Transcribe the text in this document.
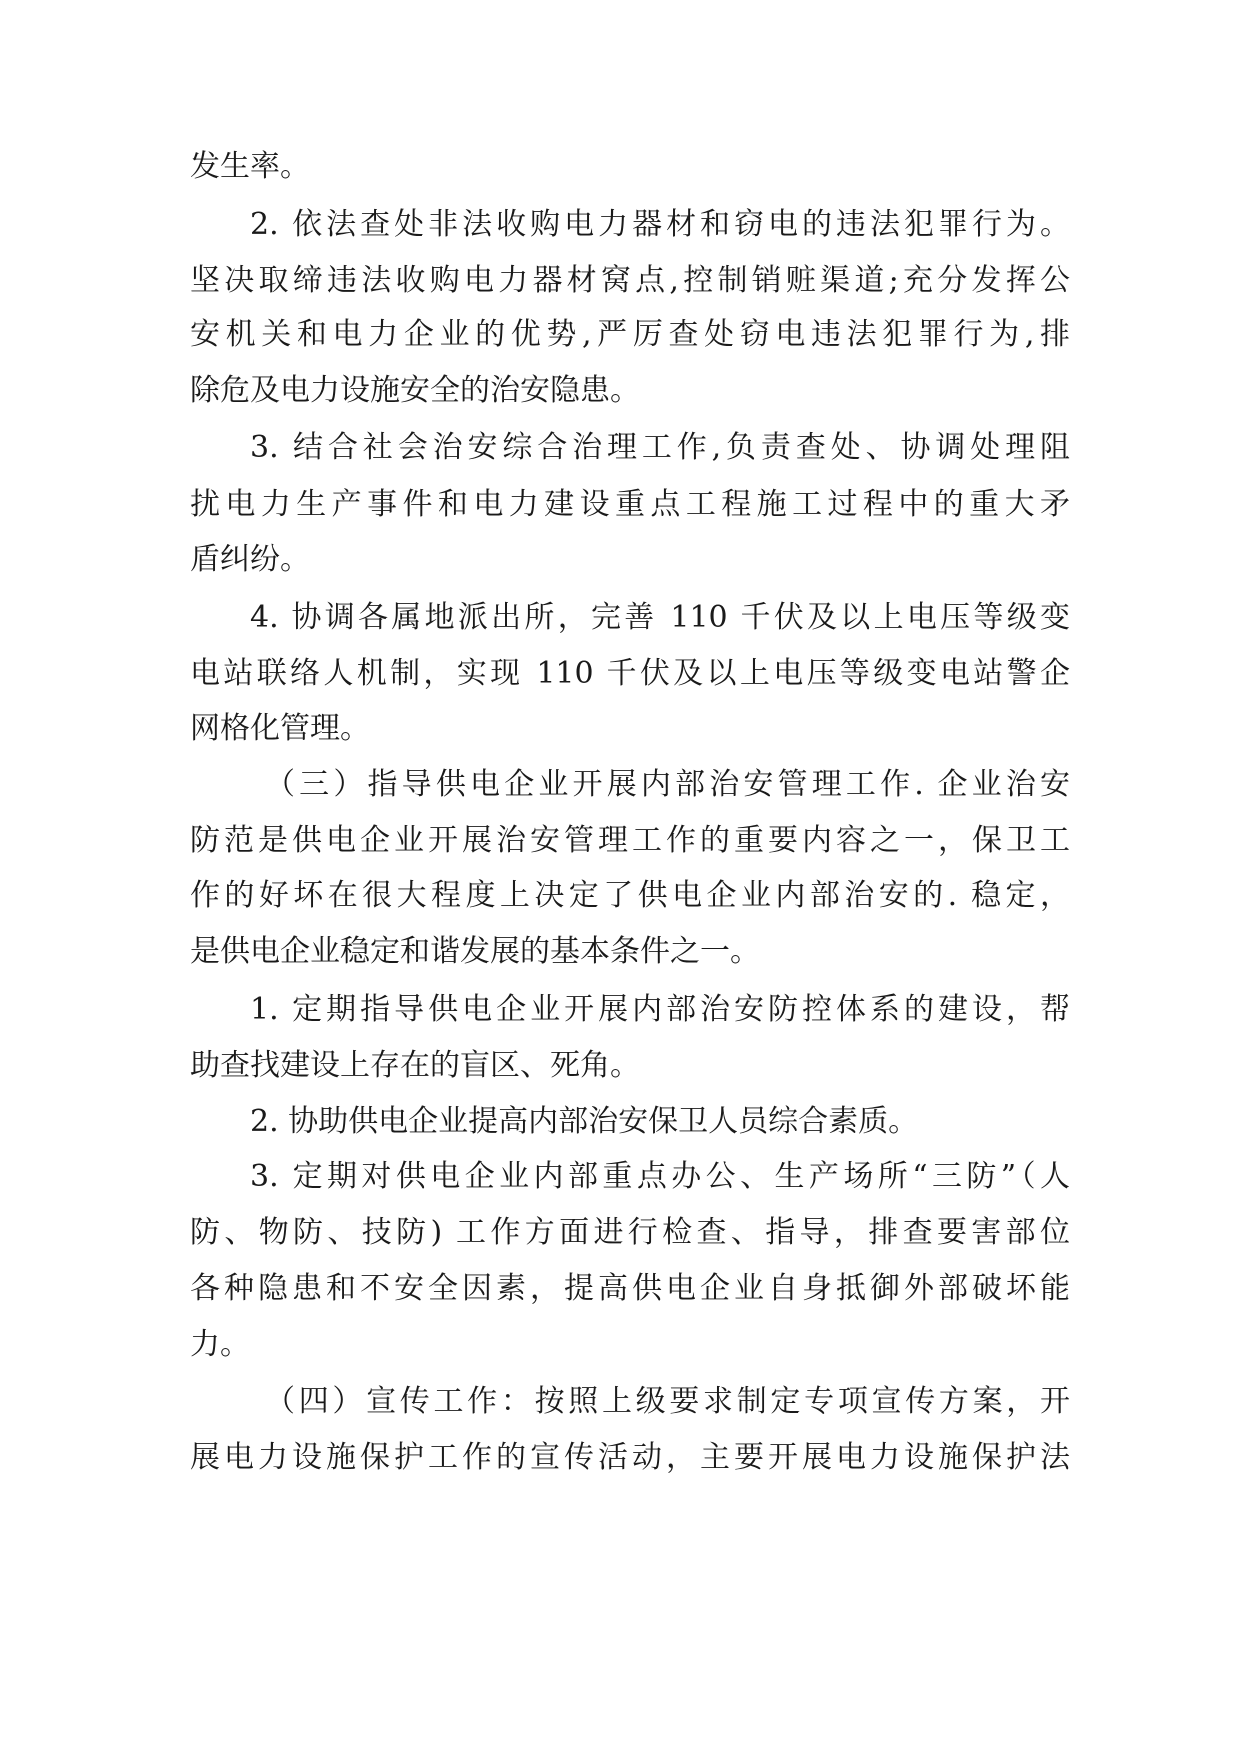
发生率。
2. 依法查处非法收购电力器材和窃电的违法犯罪行为。
坚决取缔违法收购电力器材窝点,控制销赃渠道;充分发挥公
安机关和电力企业的优势,严厉查处窃电违法犯罪行为,排
除危及电力设施安全的治安隐患。
3. 结合社会治安综合治理工作,负责查处、协调处理阻
扰电力生产事件和电力建设重点工程施工过程中的重大矛
盾纠纷。
4. 协调各属地派出所，完善 110 千伏及以上电压等级变
电站联络人机制，实现 110 千伏及以上电压等级变电站警企
网格化管理。
（三）指导供电企业开展内部治安管理工作. 企业治安
防范是供电企业开展治安管理工作的重要内容之一，保卫工
作的好坏在很大程度上决定了供电企业内部治安的. 稳定，
是供电企业稳定和谐发展的基本条件之一。
1. 定期指导供电企业开展内部治安防控体系的建设，帮
助查找建设上存在的盲区、死角。
2. 协助供电企业提高内部治安保卫人员综合素质。
3. 定期对供电企业内部重点办公、生产场所“三防”（人
防、物防、技防) 工作方面进行检查、指导，排查要害部位
各种隐患和不安全因素，提高供电企业自身抵御外部破坏能
力。
（四）宣传工作：按照上级要求制定专项宣传方案，开
展电力设施保护工作的宣传活动，主要开展电力设施保护法
